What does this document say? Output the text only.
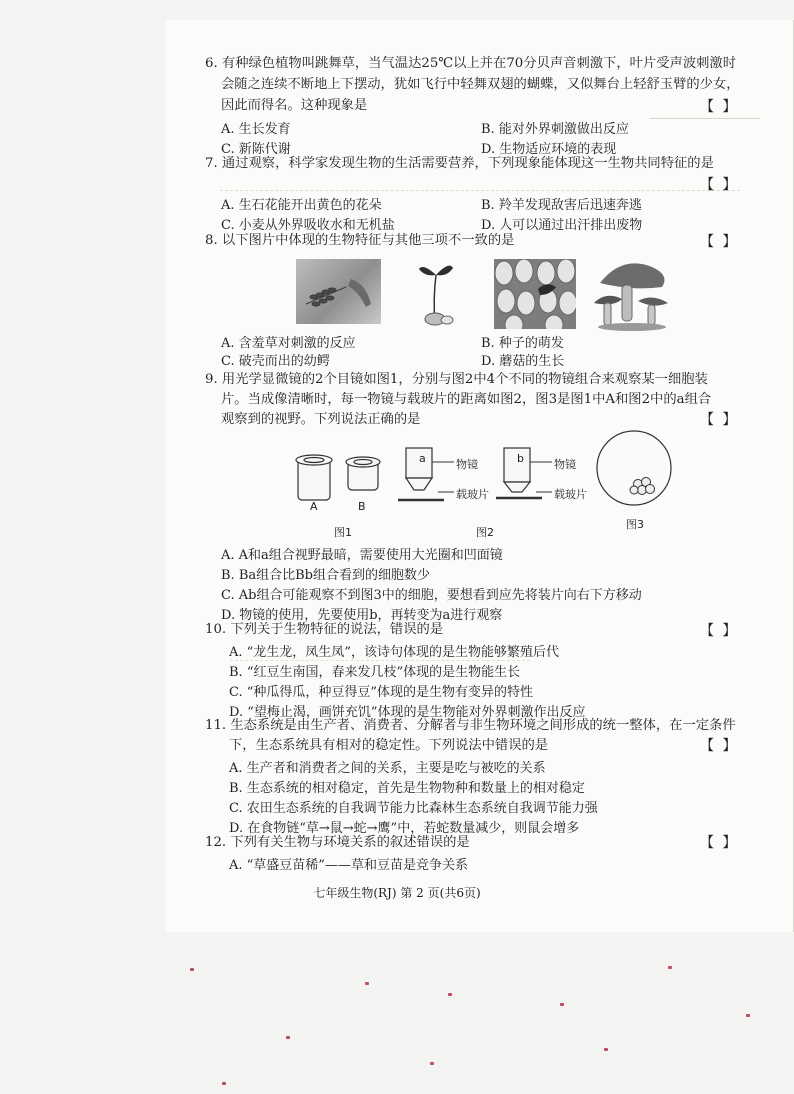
6. 有种绿色植物叫跳舞草，当气温达25℃以上并在70分贝声音刺激下，叶片受声波刺激时
会随之连续不断地上下摆动，犹如飞行中轻舞双翅的蝴蝶，又似舞台上轻舒玉臂的少女，
因此而得名。这种现象是	【 】
A. 生长发育	B. 能对外界刺激做出反应
C. 新陈代谢	D. 生物适应环境的表现
7. 通过观察，科学家发现生物的生活需要营养，下列现象能体现这一生物共同特征的是
【 】
A. 生石花能开出黄色的花朵	B. 羚羊发现敌害后迅速奔逃
C. 小麦从外界吸收水和无机盐	D. 人可以通过出汗排出废物
8. 以下图片中体现的生物特征与其他三项不一致的是	【 】
A. 含羞草对刺激的反应	B. 种子的萌发
C. 破壳而出的幼鳄	D. 蘑菇的生长
9. 用光学显微镜的2个目镜如图1，分别与图2中4个不同的物镜组合来观察某一细胞装
片。当成像清晰时，每一物镜与载玻片的距离如图2，图3是图1中A和图2中的a组合
观察到的视野。下列说法正确的是	【 】
A	B
图1
a	b
物镜
载玻片
物镜
载玻片
图2
图3
A. A和a组合视野最暗，需要使用大光圈和凹面镜
B. Ba组合比Bb组合看到的细胞数少
C. Ab组合可能观察不到图3中的细胞，要想看到应先将装片向右下方移动
D. 物镜的使用，先要使用b，再转变为a进行观察
10. 下列关于生物特征的说法，错误的是	【 】
A. “龙生龙，凤生凤”，该诗句体现的是生物能够繁殖后代
B. “红豆生南国，春来发几枝”体现的是生物能生长
C. “种瓜得瓜，种豆得豆”体现的是生物有变异的特性
D. “望梅止渴，画饼充饥”体现的是生物能对外界刺激作出反应
11. 生态系统是由生产者、消费者、分解者与非生物环境之间形成的统一整体，在一定条件
下，生态系统具有相对的稳定性。下列说法中错误的是	【 】
A. 生产者和消费者之间的关系，主要是吃与被吃的关系
B. 生态系统的相对稳定，首先是生物物种和数量上的相对稳定
C. 农田生态系统的自我调节能力比森林生态系统自我调节能力强
D. 在食物链“草→鼠→蛇→鹰”中，若蛇数量减少，则鼠会增多
12. 下列有关生物与环境关系的叙述错误的是	【 】
A. “草盛豆苗稀”——草和豆苗是竞争关系
七年级生物(RJ) 第 2 页(共6页)
